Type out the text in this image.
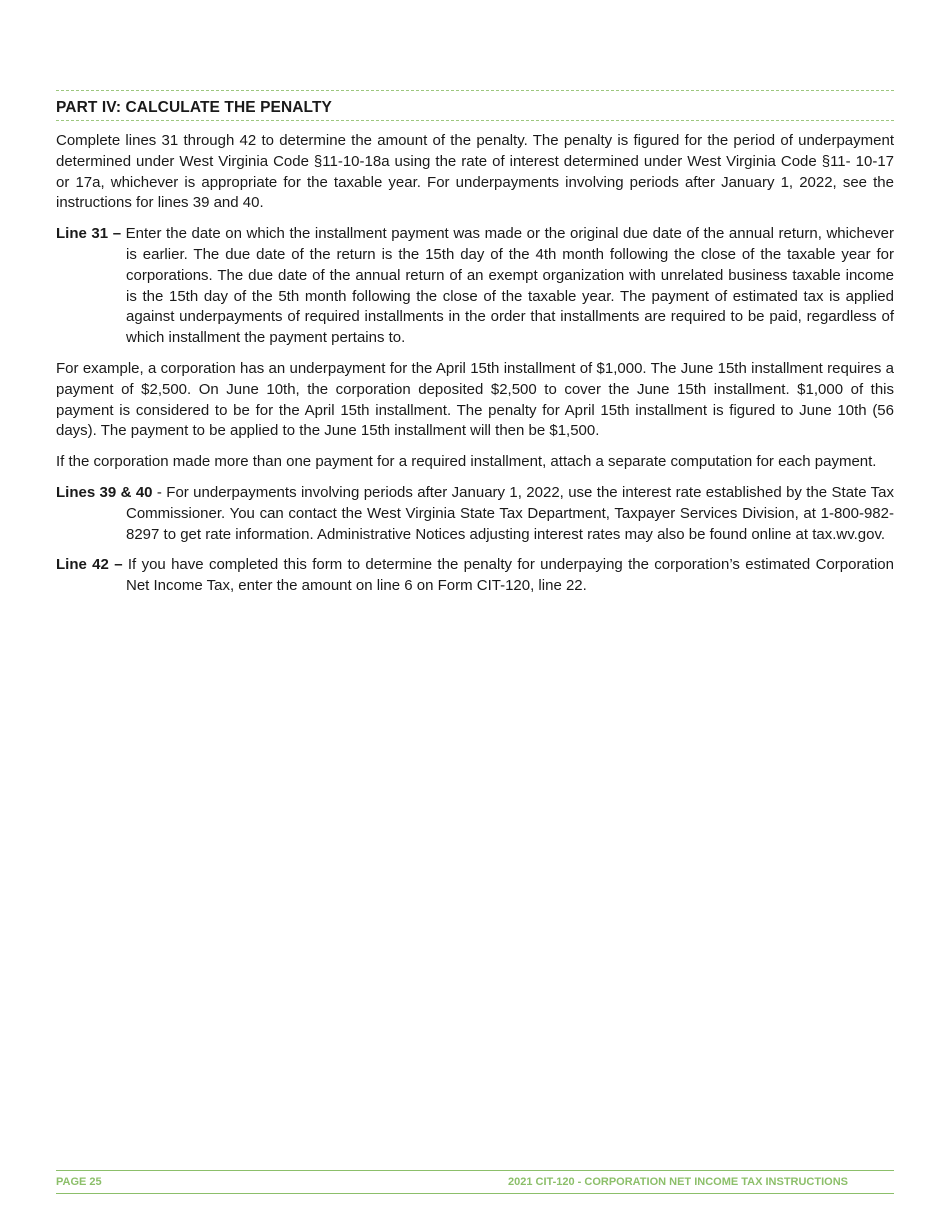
PART IV: CALCULATE THE PENALTY

Complete lines 31 through 42 to determine the amount of the penalty. The penalty is figured for the period of underpayment determined under West Virginia Code §11-10-18a using the rate of interest determined under West Virginia Code §11- 10-17 or 17a, whichever is appropriate for the taxable year. For underpayments involving periods after January 1, 2022, see the instructions for lines 39 and 40.

Line 31 – Enter the date on which the installment payment was made or the original due date of the annual return, whichever is earlier. The due date of the return is the 15th day of the 4th month following the close of the taxable year for corporations. The due date of the annual return of an exempt organization with unrelated business taxable income is the 15th day of the 5th month following the close of the taxable year. The payment of estimated tax is applied against underpayments of required installments in the order that installments are required to be paid, regardless of which installment the payment pertains to.

For example, a corporation has an underpayment for the April 15th installment of $1,000. The June 15th installment requires a payment of $2,500. On June 10th, the corporation deposited $2,500 to cover the June 15th installment. $1,000 of this payment is considered to be for the April 15th installment. The penalty for April 15th installment is figured to June 10th (56 days). The payment to be applied to the June 15th installment will then be $1,500.

If the corporation made more than one payment for a required installment, attach a separate computation for each payment.

Lines 39 & 40 - For underpayments involving periods after January 1, 2022, use the interest rate established by the State Tax Commissioner. You can contact the West Virginia State Tax Department, Taxpayer Services Division, at 1-800-982-8297 to get rate information. Administrative Notices adjusting interest rates may also be found online at tax.wv.gov.
Line 42 – If you have completed this form to determine the penalty for underpaying the corporation’s estimated Corporation Net Income Tax, enter the amount on line 6 on Form CIT-120, line 22.
PAGE 25	2021 CIT-120 - CORPORATION NET INCOME TAX INSTRUCTIONS
